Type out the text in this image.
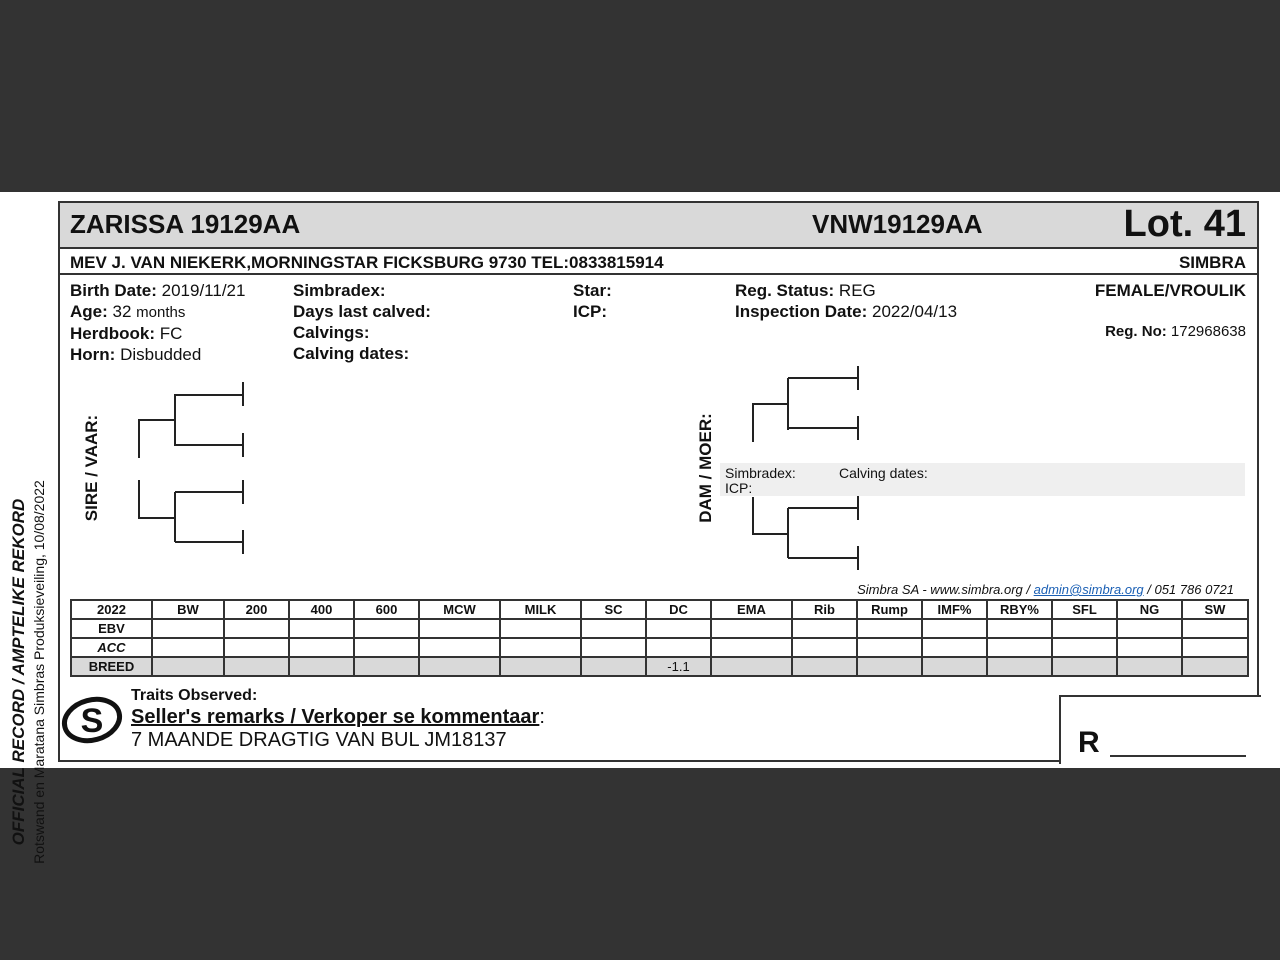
OFFICIAL RECORD / AMPTELIKE REKORD Rotswand en Maratana Simbras Produksieveiling, 10/08/2022
ZARISSA 19129AA	VNW19129AA	Lot. 41
MEV J. VAN NIEKERK,MORNINGSTAR FICKSBURG 9730 TEL:0833815914	SIMBRA
Birth Date: 2019/11/21
Age: 32 months
Herdbook: FC
Horn: Disbudded
Simbradex:
Days last calved:
Calvings:
Calving dates:
Star:
ICP:
Reg. Status: REG
Inspection Date: 2022/04/13
FEMALE/VROULIK
Reg. No: 172968638
SIRE / VAAR:	DAM / MOER: Simbradex:	Calving dates:
ICP:
Simbra SA - www.simbra.org / admin@simbra.org / 051 786 0721
2022	BW	200	400	600	MCW	MILK	SC	DC	EMA	Rib	Rump	IMF%	RBY%	SFL	NG	SW
EBV																
ACC																
BREED								-1.1								
S
Traits Observed:
Seller's remarks / Verkoper se kommentaar:
7 MAANDE DRAGTIG VAN BUL JM18137	R
